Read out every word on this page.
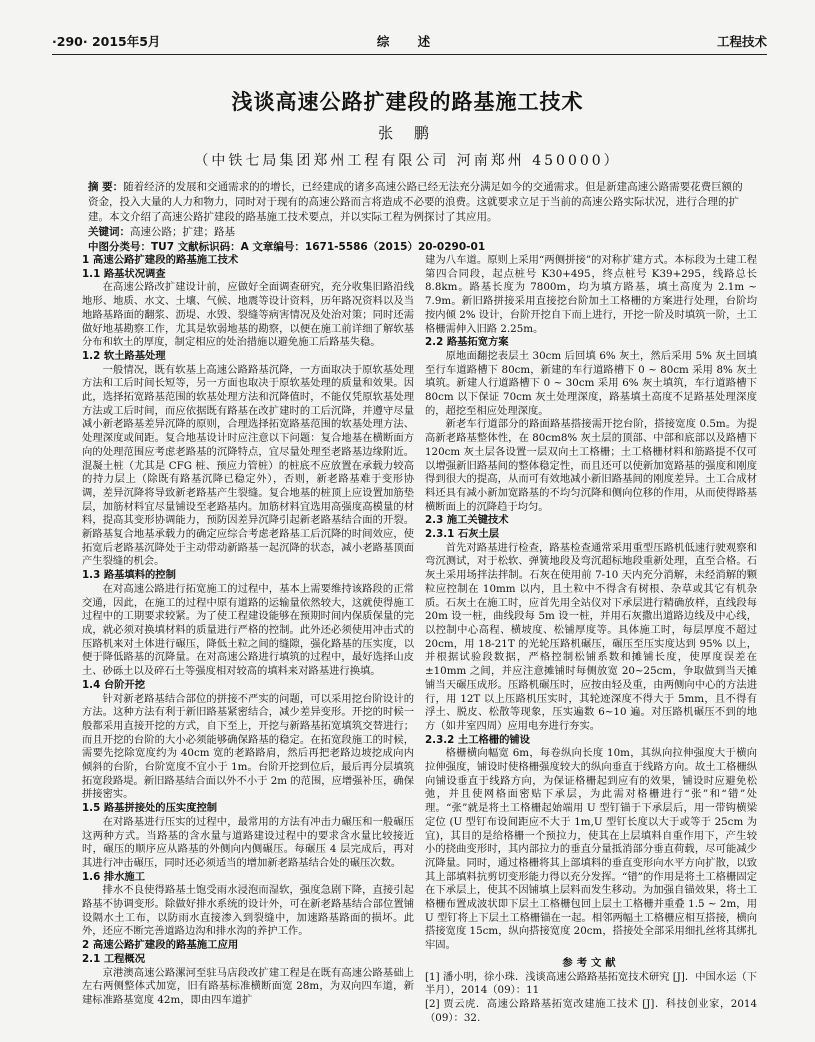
·290· 2015年5月	综 述	工程技术
浅谈高速公路扩建段的路基施工技术
张 鹏
（中铁七局集团郑州工程有限公司 河南郑州 450000）

摘 要：随着经济的发展和交通需求的的增长，已经建成的诸多高速公路已经无法充分满足如今的交通需求。但是新建高速公路需要花费巨额的资金，投入大量的人力和物力，同时对于现有的高速公路而言将造成不必要的浪费。这就要求立足于当前的高速公路实际状况，进行合理的扩建。本文介绍了高速公路扩建段的路基施工技术要点，并以实际工程为例探讨了其应用。

关键词：高速公路；扩建；路基

中图分类号：TU7 文献标识码：A 文章编号：1671-5586（2015）20-0290-01

1 高速公路扩建段的路基施工技术
1.1 路基状况调查

在高速公路改扩建设计前，应做好全面调查研究，充分收集旧路沿线地形、地质、水文、土壤、气候、地震等设计资料，历年路况资料以及当地路基路面的翻浆、沥堤、水毁、裂缝等病害情况及处治对策；同时还需做好地基勘察工作，尤其是软弱地基的勘察，以便在施工前详细了解软基分布和软土的厚度，制定相应的处治措施以避免施工后路基失稳。

1.2 软土路基处理

一般情况，既有软基上高速公路路基沉降，一方面取决于原软基处理方法和工后时间长短等，另一方面也取决于原软基处理的质量和效果。因此，选择拓宽路基范围的软基处理方法和沉降值时，不能仅凭原软基处理方法或工后时间，而应依据既有路基在改扩建时的工后沉降，并遵守尽量减小新老路基差异沉降的原则，合理选择拓宽路基范围的软基处理方法、处理深度或间距。复合地基设计时应注意以下问题：复合地基在横断面方向的处理范围应考虑老路基的沉降特点，宜尽量处理至老路基边缘附近。混凝土桩（尤其是 CFG 桩、预应力管桩）的桩底不应放置在承载力较高的持力层上（除既有路基沉降已稳定外），否则，新老路基难于变形协调，差异沉降将导致新老路基产生裂缝。复合地基的桩顶上应设置加筋垫层，加筋材料宜尽量铺设至老路基内。加筋材料宜选用高强度高模量的材料，提高其变形协调能力，预防因差异沉降引起新老路基结合面的开裂。新路基复合地基承载力的确定应综合考虑老路基工后沉降的时间效应，使拓宽后老路基沉降处于主动带动新路基一起沉降的状态，减小老路基顶面产生裂缝的机会。

1.3 路基填料的控制

在对高速公路进行拓宽施工的过程中，基本上需要维持该路段的正常交通，因此，在施工的过程中原有道路的运输量依然较大，这就使得施工过程中的工期要求较紧。为了使工程建设能够在预期时间内保质保量的完成，就必须对换填材料的质量进行严格的控制。此外还必须使用冲击式的压路机来对土体进行碾压，降低土粒之间的缝隙，强化路基的压实度，以便于降低路基的沉降量。在对高速公路进行填筑的过程中，最好选择山皮土、砂砾土以及碎石土等强度相对较高的填料来对路基进行换填。

1.4 台阶开挖

针对新老路基结合部位的拼接不严实的问题，可以采用挖台阶设计的方法。这种方法有利于新旧路基紧密结合，减少差异变形。开挖的时候一般都采用直接开挖的方式，自下至上，开挖与新路基拓宽填筑交替进行；而且开挖的台阶的大小必须能够确保路基的稳定。在拓宽段施工的时候，需要先挖除宽度约为 40cm 宽的老路路肩，然后再把老路边坡挖成向内倾斜的台阶，台阶宽度不宜小于 1m。台阶开挖到位后，最后再分层填筑拓宽段路堤。新旧路基结合面以外不小于 2m 的范围，应增强补压，确保拼接密实。

1.5 路基拼接处的压实度控制

在对路基进行压实的过程中，最常用的方法有冲击力碾压和一般碾压这两种方式。当路基的含水量与道路建设过程中的要求含水量比较接近时，碾压的顺序应从路基的外侧向内侧碾压。每碾压 4 层完成后，再对其进行冲击碾压，同时还必须适当的增加新老路基结合处的碾压次数。

1.6 排水施工

排水不良使得路基土饱受雨水浸泡而湿软，强度急剧下降，直接引起路基不协调变形。除做好排水系统的设计外，可在新老路基结合部位置铺设隔水土工布，以防雨水直接渗入到裂缝中，加速路基路面的损坏。此外，还应不断完善道路边沟和排水沟的养护工作。

2 高速公路扩建段的路基施工应用
2.1 工程概况

京港澳高速公路漯河至驻马店段改扩建工程是在既有高速公路基础上左右两侧整体式加宽，旧有路基标准横断面宽 28m，为双向四车道，新建标准路基宽度 42m，即由四车道扩

建为八车道。原则上采用“两侧拼接”的对称扩建方式。本标段为土建工程第四合同段，起点桩号 K30+495，终点桩号 K39+295，线路总长 8.8km。路基长度为 7800m，均为填方路基，填土高度为 2.1m ~ 7.9m。新旧路拼接采用直接挖台阶加土工格栅的方案进行处理，台阶均按内倾 2% 设计，台阶开挖自下而上进行，开挖一阶及时填筑一阶，土工格栅需伸入旧路 2.25m。

2.2 路基拓宽方案

原地面翻挖表层土 30cm 后回填 6% 灰土，然后采用 5% 灰土回填至行车道路槽下 80cm，新建的车行道路槽下 0 ~ 80cm 采用 8% 灰土填筑。新建人行道路槽下 0 ~ 30cm 采用 6% 灰土填筑，车行道路槽下 80cm 以下保证 70cm 灰土处理深度，路基填土高度不足路基处理深度的，超挖至相应处理深度。

新老车行道部分的路面路基搭接需开挖台阶，搭接宽度 0.5m。为提高新老路基整体性，在 80cm8% 灰土层的顶部、中部和底部以及路槽下 120cm 灰土层各设置一层双向土工格栅；土工格栅材料和筋路提不仅可以增强新旧路基间的整体稳定性，而且还可以使新加宽路基的强度和刚度得到很大的提高，从而可有效地减小新旧路基间的刚度差异。土工合成材料还具有减小新加宽路基的不均匀沉降和侧向位移的作用，从而使得路基横断面上的沉降趋于均匀。

2.3 施工关键技术
2.3.1 石灰土层

首先对路基进行检查，路基检查通常采用重型压路机低速行驶观察和弯沉测试，对于松软、弹簧地段及弯沉超标地段重新处理，直至合格。石灰土采用场拌法拌制。石灰在使用前 7-10 天内充分消解，未经消解的颗粒应控制在 10mm 以内，且土粒中不得含有树根、杂草或其它有机杂质。石灰土在施工时，应首先用全站仪对下承层进行精确放样，直线段每 20m 设一桩，曲线段每 5m 设一桩，并用石灰撒出道路边线及中心线，以控制中心高程、横坡度、松铺厚度等。具体施工时，每层厚度不超过 20cm，用 18-21T 的光轮压路机碾压，碾压至压实度达到 95% 以上，并根据试验段数据，严格控制松铺系数和摊铺长度，使厚度误差在 ±10mm 之间，并应注意摊铺时每侧放宽 20~25cm，争取做到当天摊铺当天碾压成形。压路机碾压时，应按由轻及重，由两侧向中心的方法进行，用 12T 以上压路机压实时，其轮迹深度不得大于 5mm，且不得有浮土、脱皮、松散等现象，压实遍数 6~10 遍。对压路机碾压不到的地方（如井室四周）应用电夯进行夯实。

2.3.2 土工格栅的铺设

格栅横向幅宽 6m，每卷纵向长度 10m，其纵向拉伸强度大于横向拉伸强度，铺设时使格栅强度较大的纵向垂直于线路方向。故土工格栅纵向铺设垂直于线路方向，为保证格栅起到应有的效果，铺设时应避免松弛，并且使网格面密贴下承层，为此需对格栅进行“张”和“错”处理。“张”就是将土工格栅起始端用 U 型钉锚于下承层后，用一带钩横梁定位 (U 型钉布设间距应不大于 1m,U 型钉长度以大于或等于 25cm 为宜)，其目的是给格栅一个预拉力，使其在上层填料自重作用下，产生较小的挠曲变形时，其内部拉力的垂直分量抵消部分垂直荷载，尽可能减少沉降量。同时，通过格栅将其上部填料的垂直变形向水平方向扩散，以致其上部填料抗剪切变形能力得以充分发挥。“错”的作用是将土工格栅固定在下承层上，使其不因铺填上层料而发生移动。为加强自锚效果，将土工格栅布置成波状即下层土工格栅包回上层土工格栅并重叠 1.5 ~ 2m，用 U 型钉将上下层土工格栅锚在一起。相邻两幅土工格栅应相互搭接，横向搭接宽度 15cm，纵向搭接宽度 20cm，搭接处全部采用细扎丝将其绑扎牢固。

参考文献

[1] 潘小明，徐小珠．浅谈高速公路路基拓宽技术研究 [J]．中国水运（下半月），2014（09）：11

[2] 贾云虎．高速公路路基拓宽改建施工技术 [J]．科技创业家，2014（09）：32.
